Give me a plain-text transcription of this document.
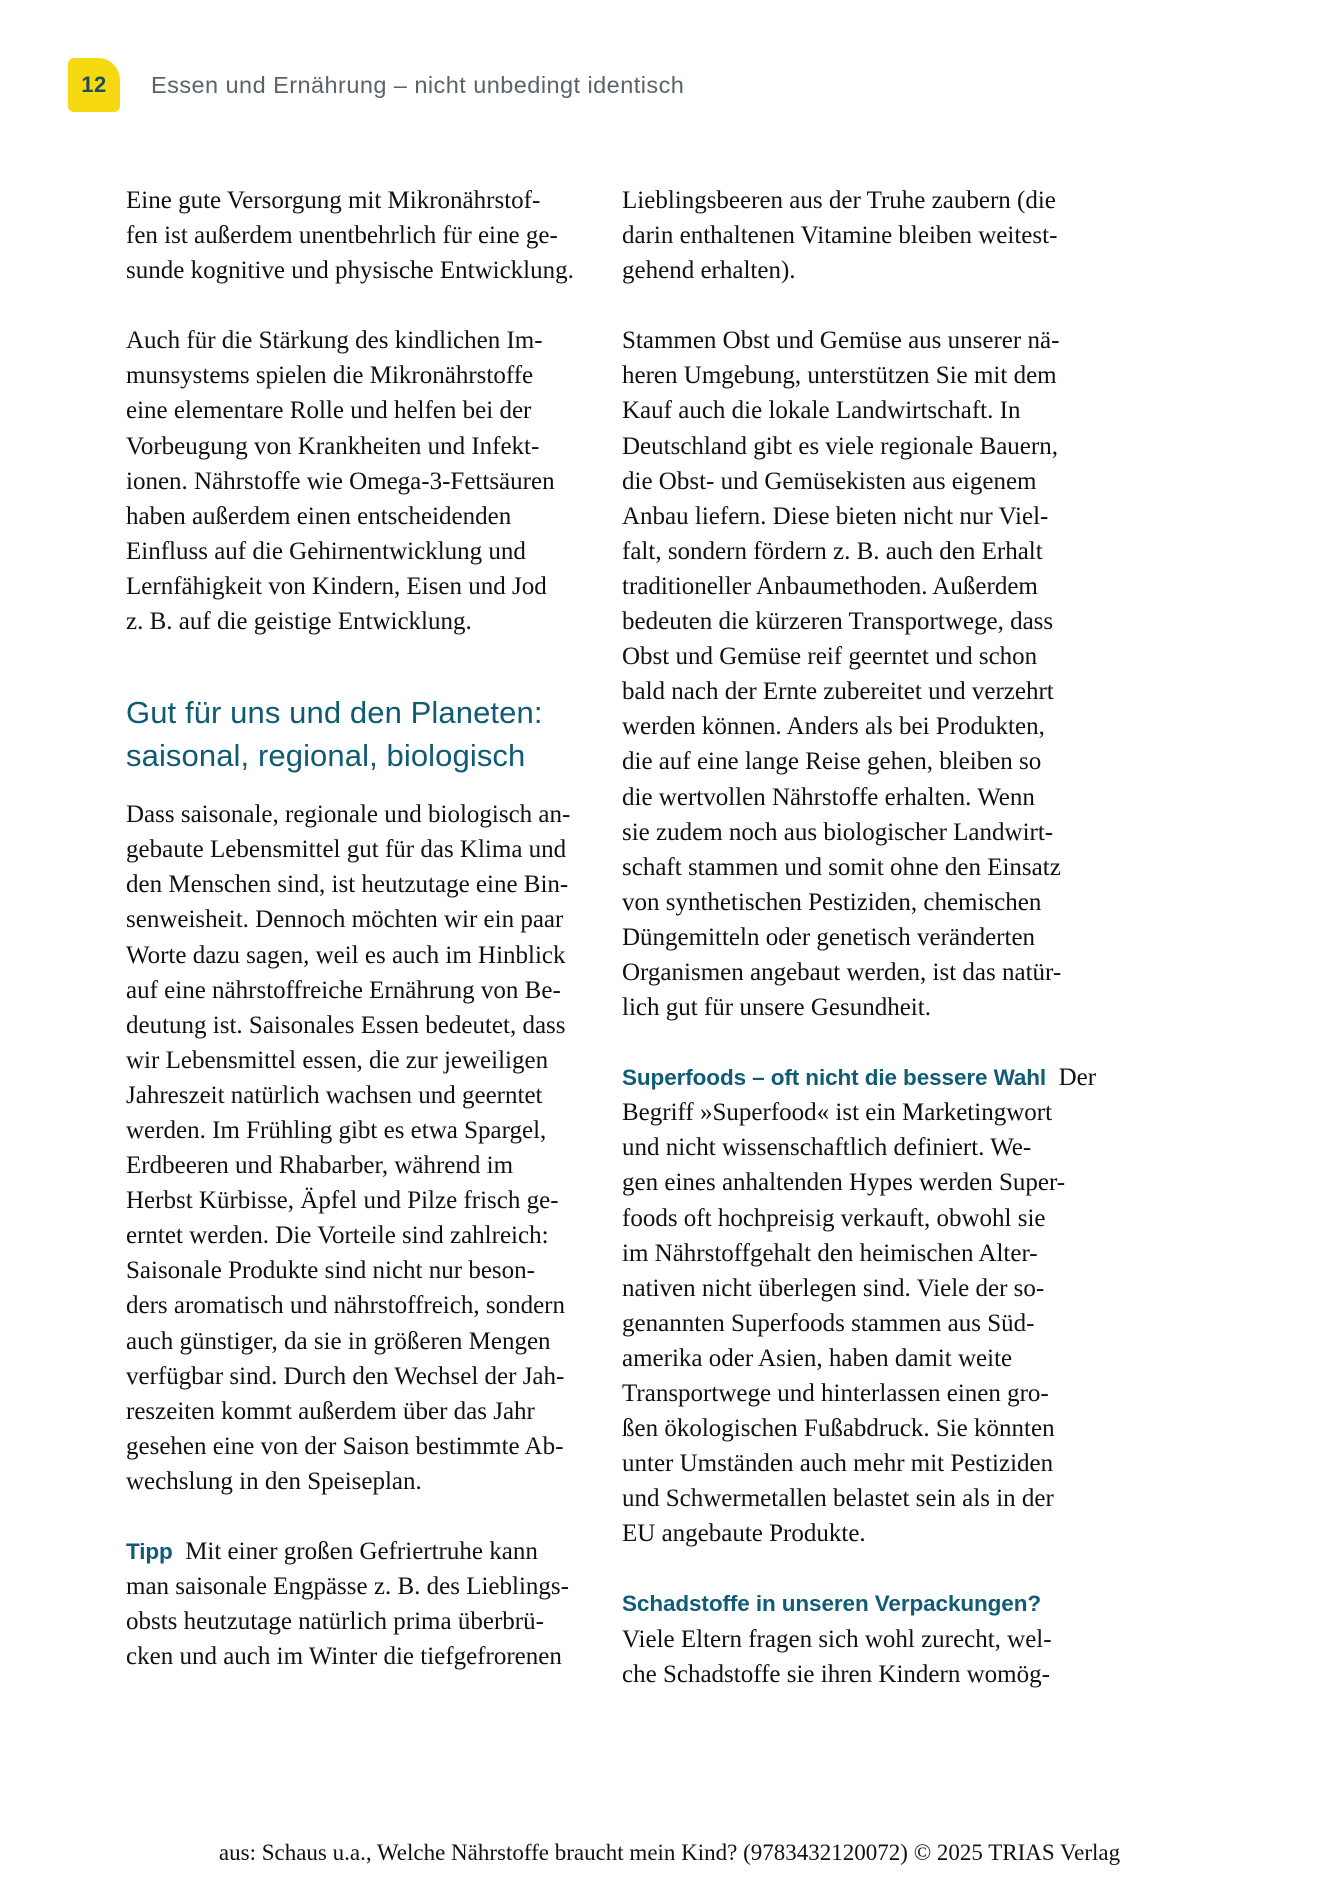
12 Essen und Ernährung – nicht unbedingt identisch

Eine gute Versorgung mit Mikronährstof-
fen ist außerdem unentbehrlich für eine ge-
sunde kognitive und physische Entwicklung.

Auch für die Stärkung des kindlichen Im-
munsystems spielen die Mikronährstoffe
eine elementare Rolle und helfen bei der
Vorbeugung von Krankheiten und Infekt-
ionen. Nährstoffe wie Omega-3-Fettsäuren
haben außerdem einen entscheidenden
Einfluss auf die Gehirnentwicklung und
Lernfähigkeit von Kindern, Eisen und Jod
z. B. auf die geistige Entwicklung.

Gut für uns und den Planeten:
saisonal, regional, biologisch

Dass saisonale, regionale und biologisch an-
gebaute Lebensmittel gut für das Klima und
den Menschen sind, ist heutzutage eine Bin-
senweisheit. Dennoch möchten wir ein paar
Worte dazu sagen, weil es auch im Hinblick
auf eine nährstoffreiche Ernährung von Be-
deutung ist. Saisonales Essen bedeutet, dass
wir Lebensmittel essen, die zur jeweiligen
Jahreszeit natürlich wachsen und geerntet
werden. Im Frühling gibt es etwa Spargel,
Erdbeeren und Rhabarber, während im
Herbst Kürbisse, Äpfel und Pilze frisch ge-
erntet werden. Die Vorteile sind zahlreich:
Saisonale Produkte sind nicht nur beson-
ders aromatisch und nährstoffreich, sondern
auch günstiger, da sie in größeren Mengen
verfügbar sind. Durch den Wechsel der Jah-
reszeiten kommt außerdem über das Jahr
gesehen eine von der Saison bestimmte Ab-
wechslung in den Speiseplan.

Tipp  Mit einer großen Gefriertruhe kann
man saisonale Engpässe z. B. des Lieblings-
obsts heutzutage natürlich prima überbrü-
cken und auch im Winter die tiefgefrorenen

Lieblingsbeeren aus der Truhe zaubern (die
darin enthaltenen Vitamine bleiben weitest-
gehend erhalten).

Stammen Obst und Gemüse aus unserer nä-
heren Umgebung, unterstützen Sie mit dem
Kauf auch die lokale Landwirtschaft. In
Deutschland gibt es viele regionale Bauern,
die Obst- und Gemüsekisten aus eigenem
Anbau liefern. Diese bieten nicht nur Viel-
falt, sondern fördern z. B. auch den Erhalt
traditioneller Anbaumethoden. Außerdem
bedeuten die kürzeren Transportwege, dass
Obst und Gemüse reif geerntet und schon
bald nach der Ernte zubereitet und verzehrt
werden können. Anders als bei Produkten,
die auf eine lange Reise gehen, bleiben so
die wertvollen Nährstoffe erhalten. Wenn
sie zudem noch aus biologischer Landwirt-
schaft stammen und somit ohne den Einsatz
von synthetischen Pestiziden, chemischen
Düngemitteln oder genetisch veränderten
Organismen angebaut werden, ist das natür-
lich gut für unsere Gesundheit.

Superfoods – oft nicht die bessere Wahl  Der
Begriff »Superfood« ist ein Marketingwort
und nicht wissenschaftlich definiert. We-
gen eines anhaltenden Hypes werden Super-
foods oft hochpreisig verkauft, obwohl sie
im Nährstoffgehalt den heimischen Alter-
nativen nicht überlegen sind. Viele der so-
genannten Superfoods stammen aus Süd-
amerika oder Asien, haben damit weite
Transportwege und hinterlassen einen gro-
ßen ökologischen Fußabdruck. Sie könnten
unter Umständen auch mehr mit Pestiziden
und Schwermetallen belastet sein als in der
EU angebaute Produkte.

Schadstoffe in unseren Verpackungen?
Viele Eltern fragen sich wohl zurecht, wel-
che Schadstoffe sie ihren Kindern womög-

aus: Schaus u.a., Welche Nährstoffe braucht mein Kind? (9783432120072) © 2025 TRIAS Verlag
